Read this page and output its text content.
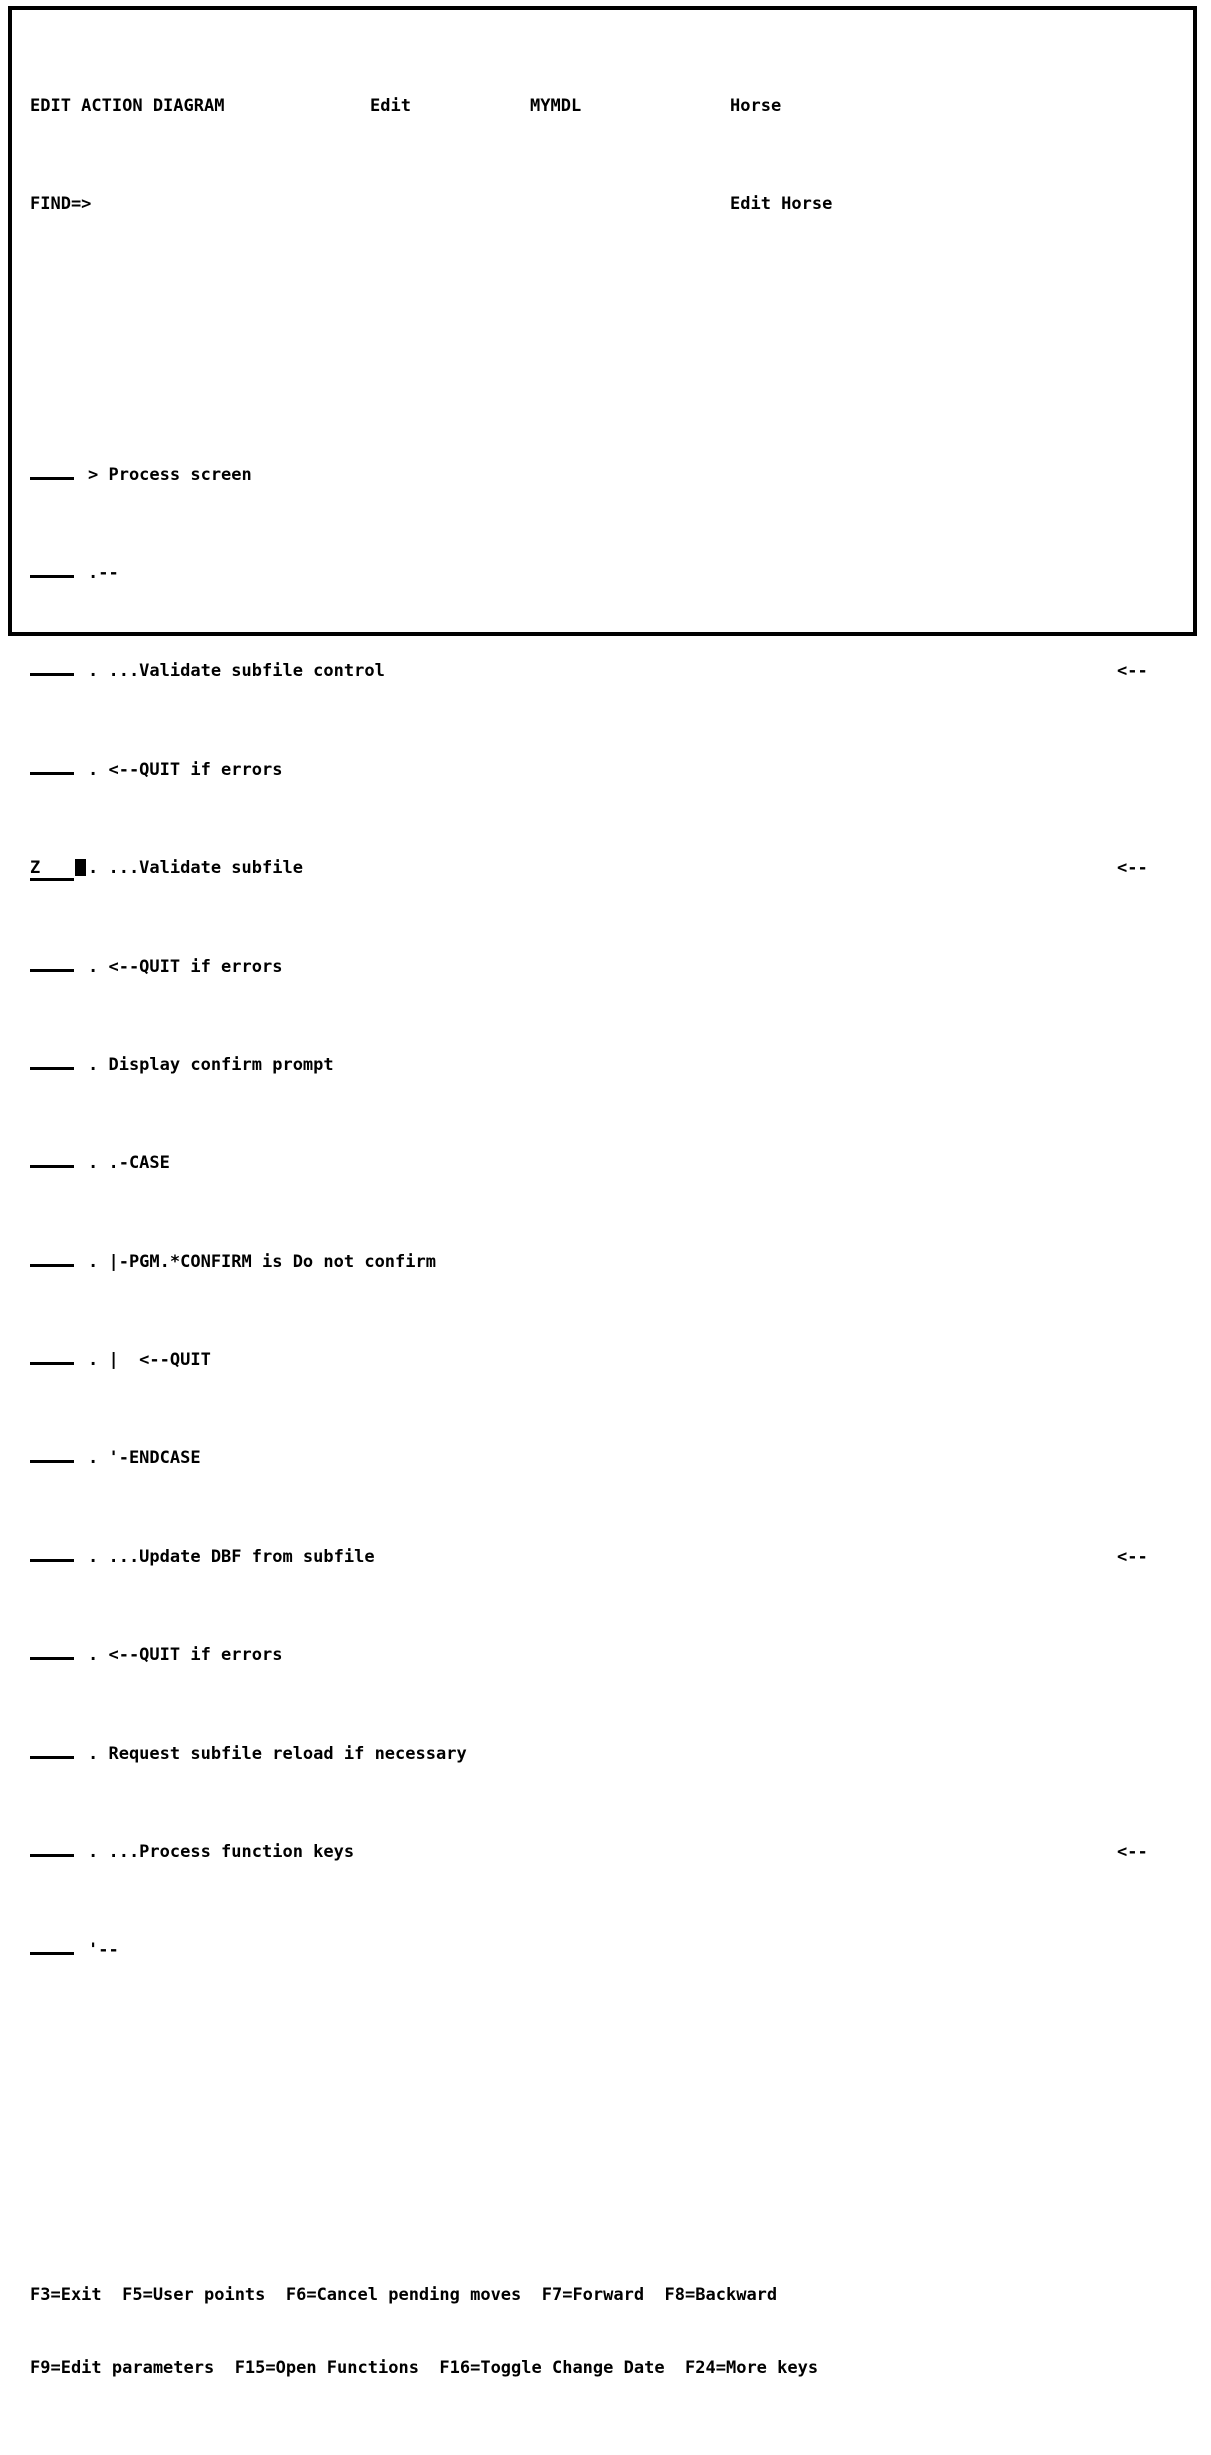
EDIT ACTION DIAGRAM	Edit	MYMDL	Horse

FIND=>	Edit Horse

> Process screen

.--

. ...Validate subfile control	<--

. <--QUIT if errors

Z	. ...Validate subfile	<--

. <--QUIT if errors

. Display confirm prompt

. .-CASE

. |-PGM.*CONFIRM is Do not confirm

. |  <--QUIT

. '-ENDCASE

. ...Update DBF from subfile	<--

. <--QUIT if errors

. Request subfile reload if necessary

. ...Process function keys	<--

'--

F3=Exit  F5=User points  F6=Cancel pending moves  F7=Forward  F8=Backward

F9=Edit parameters  F15=Open Functions  F16=Toggle Change Date  F24=More keys
